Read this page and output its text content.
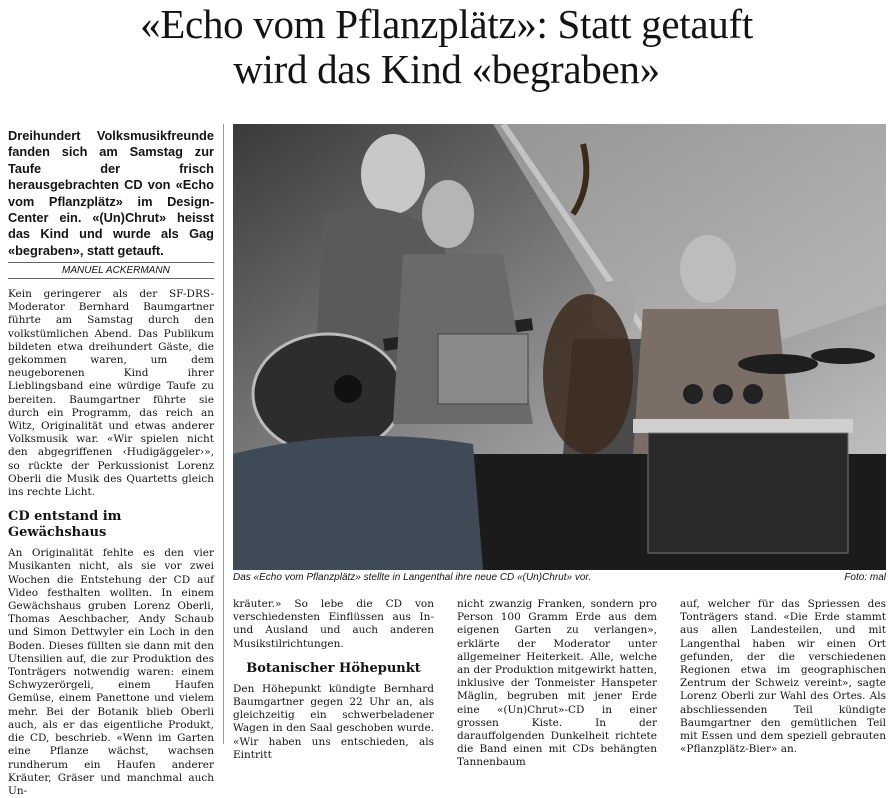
«Echo vom Pflanzplätz»: Statt getauft
wird das Kind «begraben»
Dreihundert Volksmusikfreunde fanden sich am Samstag zur Taufe der frisch herausgebrachten CD von «Echo vom Pflanzplätz» im Design-Center ein. «(Un)Chrut» heisst das Kind und wurde als Gag «begraben», statt getauft.
MANUEL ACKERMANN

Kein geringerer als der SF-DRS-Moderator Bernhard Baumgartner führte am Samstag durch den volkstümlichen Abend. Das Publikum bildeten etwa dreihundert Gäste, die gekommen waren, um dem neugeborenen Kind ihrer Lieblingsband eine würdige Taufe zu bereiten. Baumgartner führte sie durch ein Programm, das reich an Witz, Originalität und etwas anderer Volksmusik war. «Wir spielen nicht den abgegriffenen ‹Hudigäggeler›», so rückte der Perkussionist Lorenz Oberli die Musik des Quartetts gleich ins rechte Licht.

CD entstand im Gewächshaus

An Originalität fehlte es den vier Musikanten nicht, als sie vor zwei Wochen die Entstehung der CD auf Video festhalten wollten. In einem Gewächshaus gruben Lorenz Oberli, Thomas Aeschbacher, Andy Schaub und Simon Dettwyler ein Loch in den Boden. Dieses füllten sie dann mit den Utensilien auf, die zur Produktion des Tonträgers notwendig waren: einem Schwyzerörgeli, einem Haufen Gemüse, einem Panettone und vielem mehr. Bei der Botanik blieb Oberli auch, als er das eigentliche Produkt, die CD, beschrieb. «Wenn im Garten eine Pflanze wächst, wachsen rundherum ein Haufen anderer Kräuter, Gräser und manchmal auch Un-

Das «Echo vom Pflanzplätz» stellte in Langenthal ihre neue CD «(Un)Chrut» vor.	Foto: mal

kräuter.» So lebe die CD von verschiedensten Einflüssen aus In- und Ausland und auch anderen Musikstilrichtungen.

Botanischer Höhepunkt

Den Höhepunkt kündigte Bernhard Baumgartner gegen 22 Uhr an, als gleichzeitig ein schwerbeladener Wagen in den Saal geschoben wurde. «Wir haben uns entschieden, als Eintritt

nicht zwanzig Franken, sondern pro Person 100 Gramm Erde aus dem eigenen Garten zu verlangen», erklärte der Moderator unter allgemeiner Heiterkeit. Alle, welche an der Produktion mitgewirkt hatten, inklusive der Tonmeister Hanspeter Mäglin, begruben mit jener Erde eine «(Un)Chrut»-CD in einer grossen Kiste. In der darauffolgenden Dunkelheit richtete die Band einen mit CDs behängten Tannenbaum

auf, welcher für das Spriessen des Tonträgers stand. «Die Erde stammt aus allen Landesteilen, und mit Langenthal haben wir einen Ort gefunden, der die verschiedenen Regionen etwa im geographischen Zentrum der Schweiz vereint», sagte Lorenz Oberli zur Wahl des Ortes. Als abschliessenden Teil kündigte Baumgartner den gemütlichen Teil mit Essen und dem speziell gebrauten «Pflanzplätz-Bier» an.
